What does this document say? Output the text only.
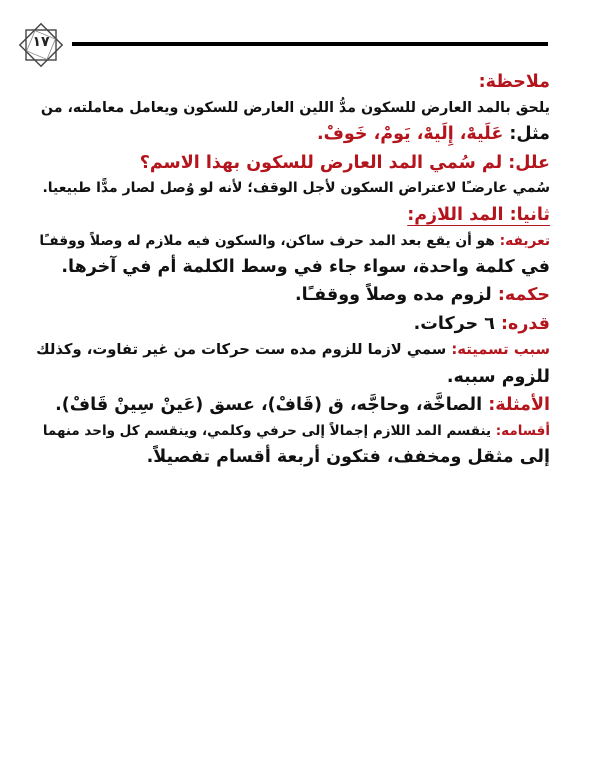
١٧

ملاحظة:

يلحق بالمد العارض للسكون مدُّ اللين العارض للسكون ويعامل معاملته، من

مثل: عَلَيهْ، إِلَيهْ، يَومْ، خَوفْ.

علل: لم سُمي المد العارض للسكون بهذا الاسم؟

سُمي عارضـًا لاعتراض السكون لأجل الوقف؛ لأنه لو وُصل لصار مدًّا طبيعيا.

ثانيا: المد اللازم:

تعريفه: هو أن يقع بعد المد حرف ساكن، والسكون فيه ملازم له وصلاً ووقفـًا

في كلمة واحدة، سواء جاء في وسط الكلمة أم في آخرها.

حكمه: لزوم مده وصلاً ووقفـًا.

قدره: ٦ حركات.

سبب تسميته: سمي لازما للزوم مده ست حركات من غير تفاوت، وكذلك

للزوم سببه.

الأمثلة: الصاخَّة، وحاجَّه، ق (قَافْ)، عسق (عَينْ سِينْ قَافْ).

أقسامه: ينقسم المد اللازم إجمالاً إلى حرفي وكلمي، وينقسم كل واحد منهما

إلى مثقل ومخفف، فتكون أربعة أقسام تفصيلاً.
